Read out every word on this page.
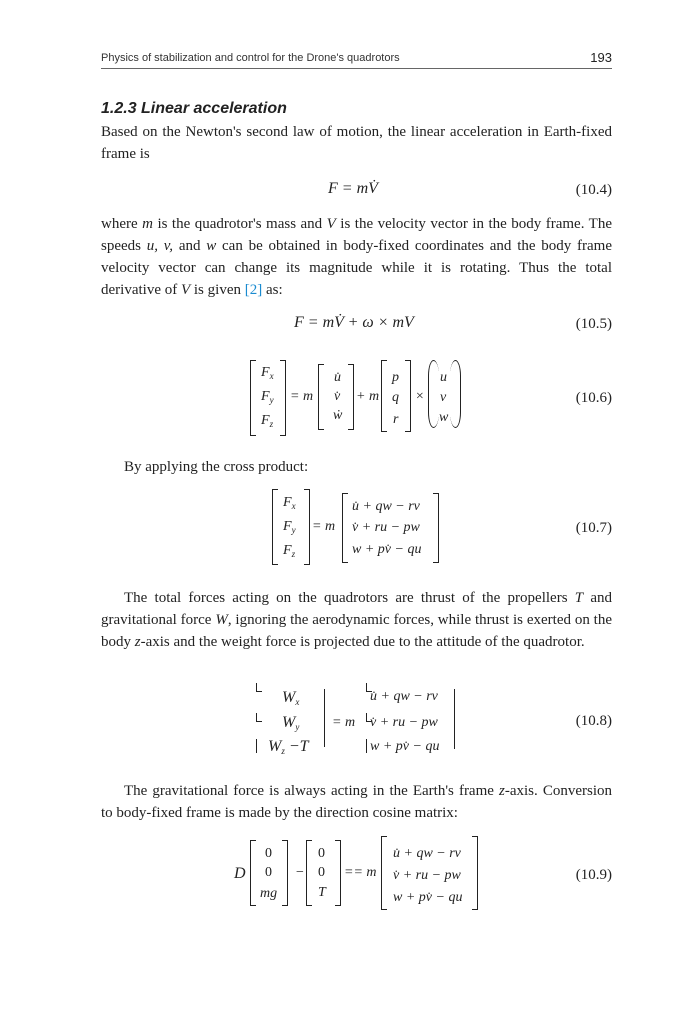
Physics of stabilization and control for the Drone's quadrotors	193
1.2.3 Linear acceleration

Based on the Newton's second law of motion, the linear acceleration in Earth-fixed frame is

F = mV̇	(10.4)

where m is the quadrotor's mass and V is the velocity vector in the body frame. The speeds u, v, and w can be obtained in body-fixed coordinates and the body frame velocity vector can change its magnitude while it is rotating. Thus the total derivative of V is given [2] as:

F = mV̇ + ω × mV	(10.5)
$F_x$
$F_y$
$F_z$
= m
u̇
v̇
ẇ
+ m
p
q
r
×
u
v
w
(10.6)

By applying the cross product:

$F_x$
$F_y$
$F_z$
= m
u̇ + qw − rv
v̇ + ru − pw
w + pv̇ − qu
(10.7)

The total forces acting on the quadrotors are thrust of the propellers T and gravitational force W, ignoring the aerodynamic forces, while thrust is exerted on the body z-axis and the weight force is projected due to the attitude of the quadrotor.

$W_x$
$W_y$
$W_z -T$
= m
u̇ + qw − rv
v̇ + ru − pw
w + pv̇ − qu
(10.8)

The gravitational force is always acting in the Earth's frame z-axis. Conversion to body-fixed frame is made by the direction cosine matrix:

D
0
0
mg
−
0
0
T
== m
u̇ + qw − rv
v̇ + ru − pw
w + pv̇ − qu
(10.9)
